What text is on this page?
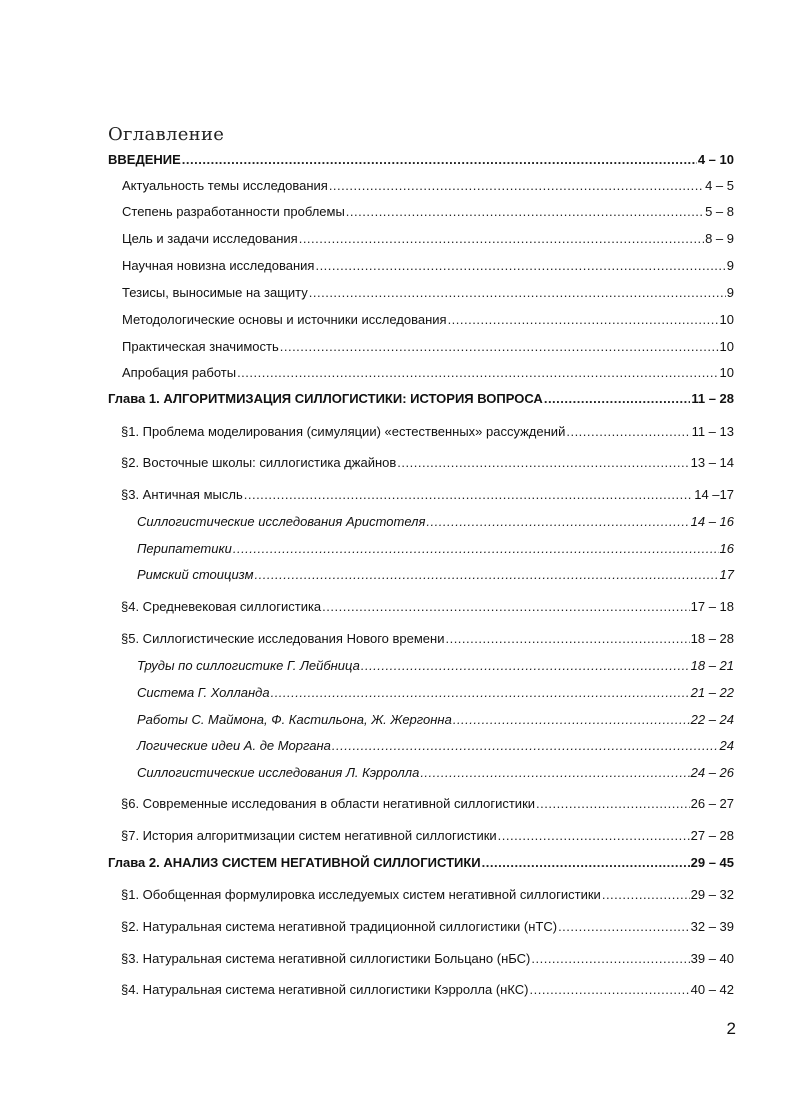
Оглавление
ВВЕДЕНИЕ .....	4 – 10
Актуальность темы исследования .....	4 – 5
Степень разработанности проблемы .....	5 – 8
Цель и задачи исследования .....	8 – 9
Научная новизна исследования .....	9
Тезисы, выносимые на защиту .....	9
Методологические основы и источники исследования .....	10
Практическая значимость .....	10
Апробация работы .....	10
Глава 1. АЛГОРИТМИЗАЦИЯ СИЛЛОГИСТИКИ: ИСТОРИЯ ВОПРОСА .....	11 – 28
§1. Проблема моделирования (симуляции) «естественных» рассуждений .....	11 – 13
§2. Восточные школы: силлогистика джайнов .....	13 – 14
§3. Античная мысль .....	14 –17
Силлогистические исследования Аристотеля .....	14 – 16
Перипатетики .....	16
Римский стоицизм .....	17
§4. Средневековая силлогистика .....	17 – 18
§5. Силлогистические исследования Нового времени .....	18 – 28
Труды по силлогистике Г. Лейбница .....	18 – 21
Система Г. Холланда .....	21 – 22
Работы С. Маймона, Ф. Кастильона, Ж. Жергонна .....	22 – 24
Логические идеи А. де Моргана .....	24
Силлогистические исследования Л. Кэрролла .....	24 – 26
§6. Современные исследования в области негативной силлогистики .....	26 – 27
§7. История алгоритмизации систем негативной силлогистики .....	27 – 28
Глава 2. АНАЛИЗ СИСТЕМ НЕГАТИВНОЙ СИЛЛОГИСТИКИ .....	29 – 45
§1. Обобщенная формулировка исследуемых систем негативной силлогистики .....	29 – 32
§2. Натуральная система негативной традиционной силлогистики (нТС) .....	32 – 39
§3. Натуральная система негативной силлогистики Больцано (нБС) .....	39 – 40
§4. Натуральная система негативной силлогистики Кэрролла (нКС) .....	40 – 42
2
